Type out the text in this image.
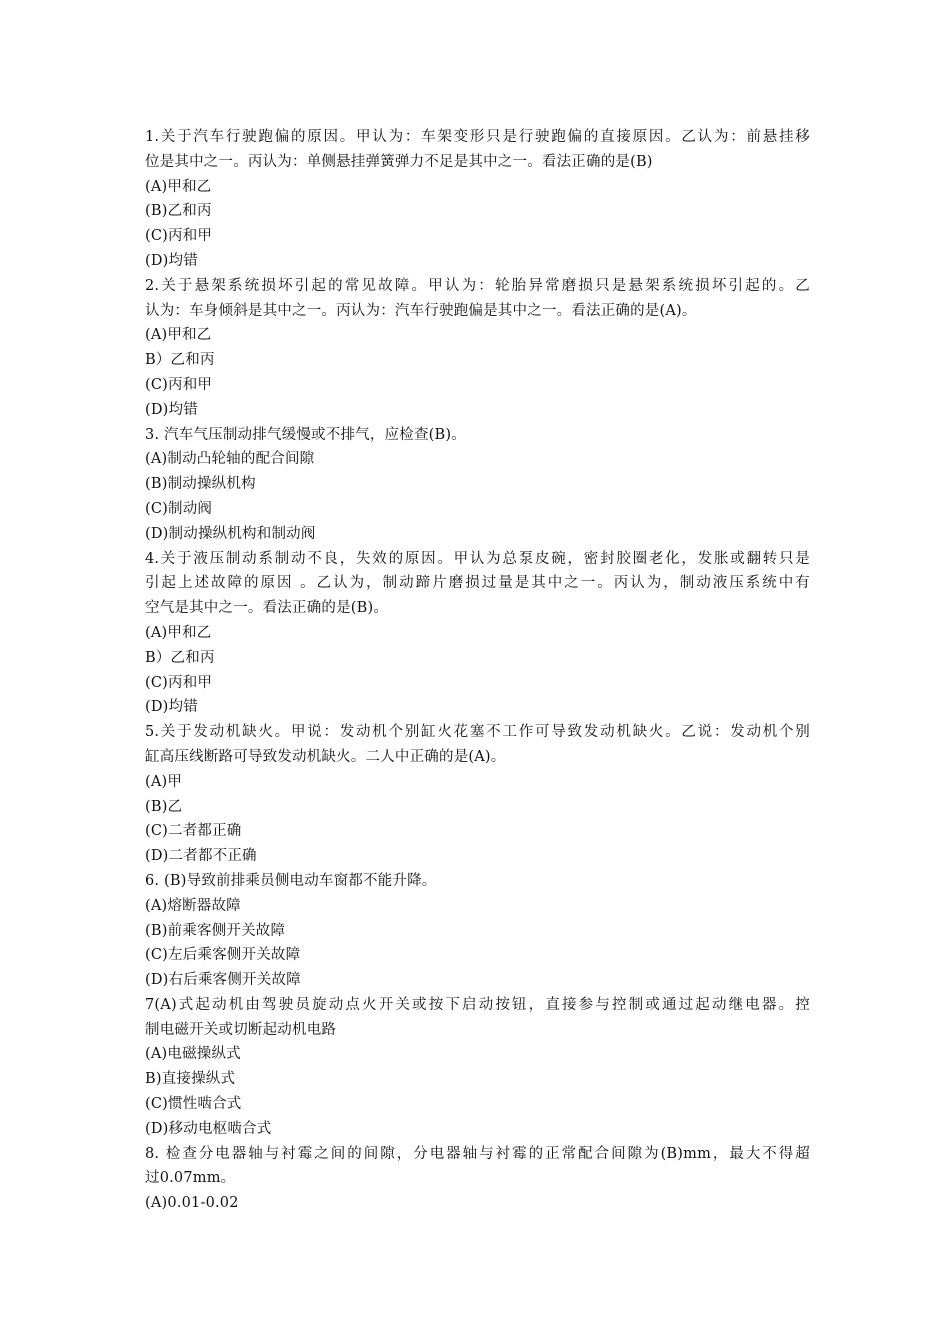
1.关于汽车行驶跑偏的原因。甲认为：车架变形只是行驶跑偏的直接原因。乙认为：前悬挂移
位是其中之一。丙认为：单侧悬挂弹簧弹力不足是其中之一。看法正确的是(B)
(A)甲和乙
(B)乙和丙
(C)丙和甲
(D)均错
2.关于悬架系统损坏引起的常见故障。甲认为：轮胎异常磨损只是悬架系统损坏引起的。乙
认为：车身倾斜是其中之一。丙认为：汽车行驶跑偏是其中之一。看法正确的是(A)。
(A)甲和乙
B）乙和丙
(C)丙和甲
(D)均错
3. 汽车气压制动排气缓慢或不排气，应检查(B)。
(A)制动凸轮轴的配合间隙
(B)制动操纵机构
(C)制动阀
(D)制动操纵机构和制动阀
4.关于液压制动系制动不良，失效的原因。甲认为总泵皮碗，密封胶圈老化，发胀或翻转只是
引起上述故障的原因 。乙认为，制动蹄片磨损过量是其中之一。丙认为，制动液压系统中有
空气是其中之一。看法正确的是(B)。
(A)甲和乙
B）乙和丙
(C)丙和甲
(D)均错
5.关于发动机缺火。甲说：发动机个别缸火花塞不工作可导致发动机缺火。乙说：发动机个别
缸高压线断路可导致发动机缺火。二人中正确的是(A)。
(A)甲
(B)乙
(C)二者都正确
(D)二者都不正确
6. (B)导致前排乘员侧电动车窗都不能升降。
(A)熔断器故障
(B)前乘客侧开关故障
(C)左后乘客侧开关故障
(D)右后乘客侧开关故障
7(A)式起动机由驾驶员旋动点火开关或按下启动按钮，直接参与控制或通过起动继电器。控
制电磁开关或切断起动机电路
(A)电磁操纵式
B)直接操纵式
(C)惯性啮合式
(D)移动电枢啮合式
8. 检查分电器轴与衬霉之间的间隙，分电器轴与衬霉的正常配合间隙为(B)mm，最大不得超
过0.07mm。
(A)0.01-0.02
